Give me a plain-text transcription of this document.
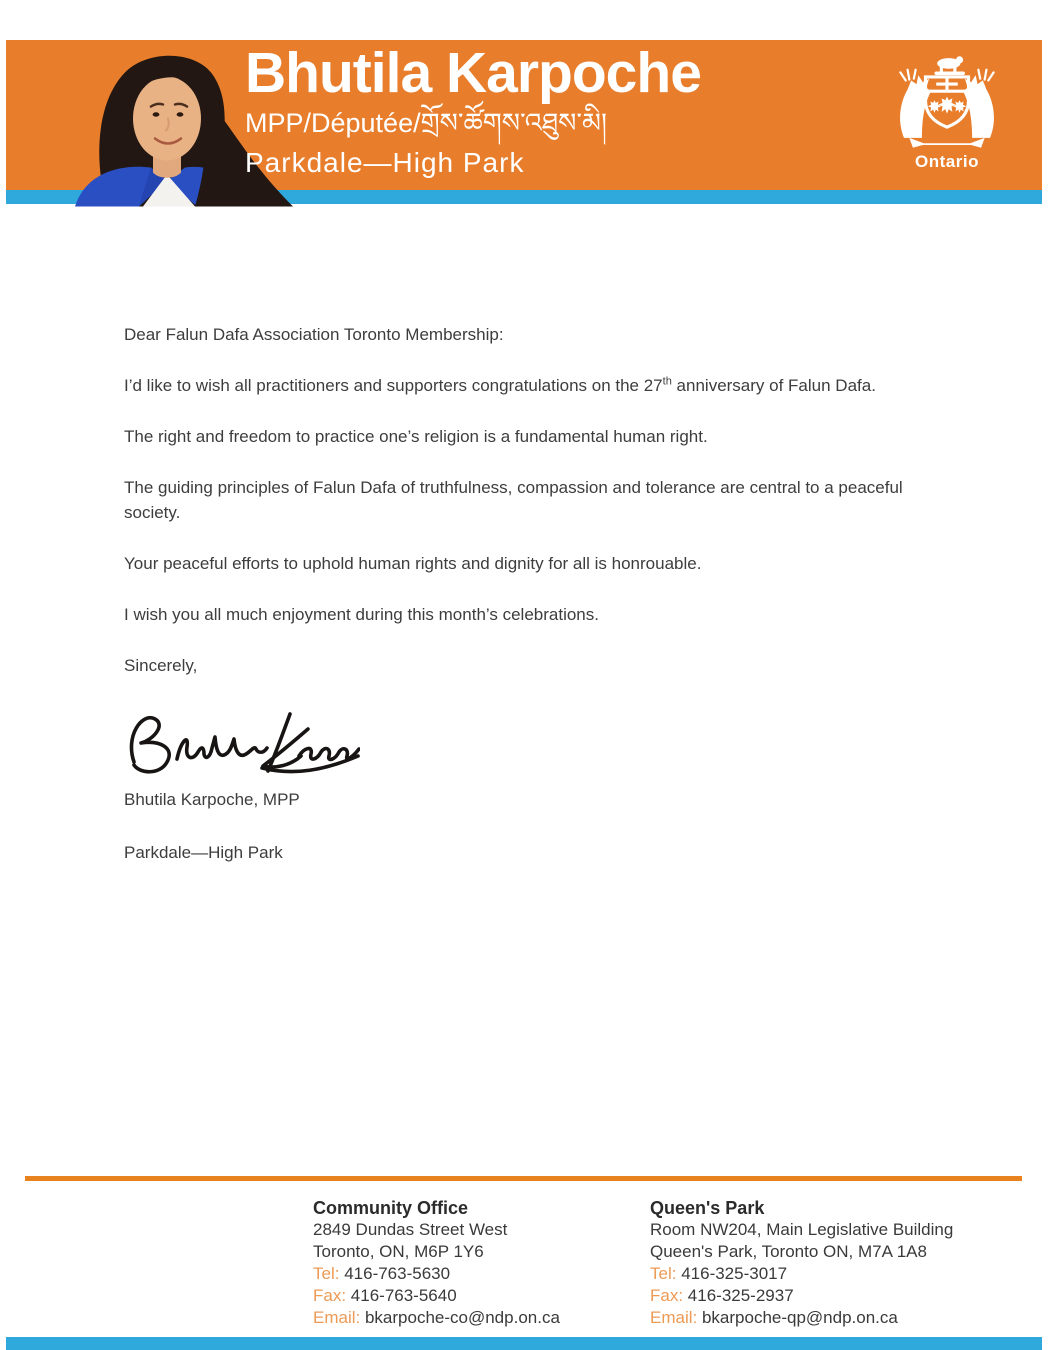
Bhutila Karpoche
MPP/Députée/གྲོས་ཚོགས་འཐུས་མི།
Parkdale—High Park	Ontario

Dear Falun Dafa Association Toronto Membership:

I’d like to wish all practitioners and supporters congratulations on the 27th anniversary of Falun Dafa.

The right and freedom to practice one’s religion is a fundamental human right.

The guiding principles of Falun Dafa of truthfulness, compassion and tolerance are central to a peaceful society.

Your peaceful efforts to uphold human rights and dignity for all is honrouable.

I wish you all much enjoyment during this month’s celebrations.

Sincerely,

Bhutila Karpoche, MPP

Parkdale—High Park

Community Office
2849 Dundas Street West
Toronto, ON, M6P 1Y6
Tel: 416-763-5630
Fax: 416-763-5640
Email: bkarpoche-co@ndp.on.ca
Queen's Park
Room NW204, Main Legislative Building
Queen's Park, Toronto ON, M7A 1A8
Tel: 416-325-3017
Fax: 416-325-2937
Email: bkarpoche-qp@ndp.on.ca
